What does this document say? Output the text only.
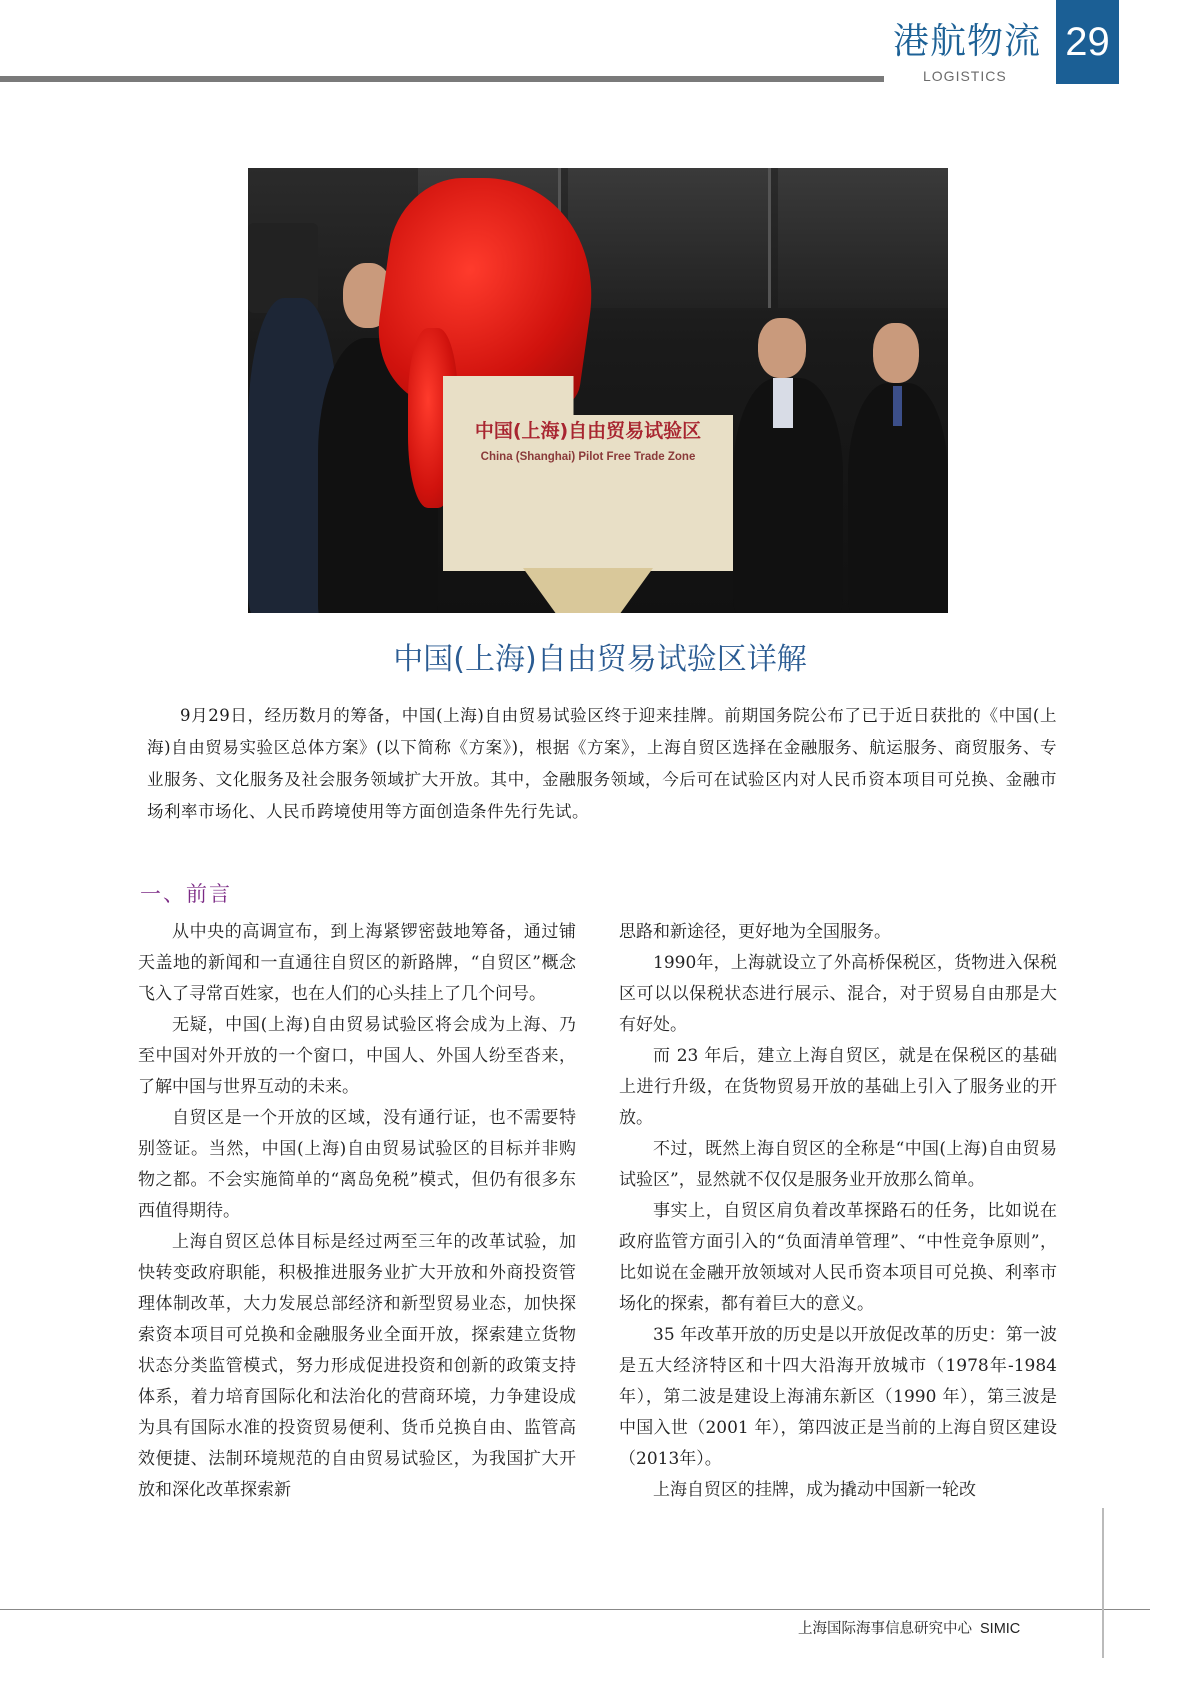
港航物流
LOGISTICS
29
中国(上海)自由贸易试验区
China (Shanghai) Pilot Free Trade Zone
中国(上海)自由贸易试验区详解

9月29日，经历数月的筹备，中国(上海)自由贸易试验区终于迎来挂牌。前期国务院公布了已于近日获批的《中国(上海)自由贸易实验区总体方案》(以下简称《方案》)，根据《方案》，上海自贸区选择在金融服务、航运服务、商贸服务、专业服务、文化服务及社会服务领域扩大开放。其中，金融服务领域，今后可在试验区内对人民币资本项目可兑换、金融市场利率市场化、人民币跨境使用等方面创造条件先行先试。

一、前言

从中央的高调宣布，到上海紧锣密鼓地筹备，通过铺天盖地的新闻和一直通往自贸区的新路牌，“自贸区”概念飞入了寻常百姓家，也在人们的心头挂上了几个问号。

无疑，中国(上海)自由贸易试验区将会成为上海、乃至中国对外开放的一个窗口，中国人、外国人纷至沓来，了解中国与世界互动的未来。

自贸区是一个开放的区域，没有通行证，也不需要特别签证。当然，中国(上海)自由贸易试验区的目标并非购物之都。不会实施简单的“离岛免税”模式，但仍有很多东西值得期待。

上海自贸区总体目标是经过两至三年的改革试验，加快转变政府职能，积极推进服务业扩大开放和外商投资管理体制改革，大力发展总部经济和新型贸易业态，加快探索资本项目可兑换和金融服务业全面开放，探索建立货物状态分类监管模式，努力形成促进投资和创新的政策支持体系，着力培育国际化和法治化的营商环境，力争建设成为具有国际水准的投资贸易便利、货币兑换自由、监管高效便捷、法制环境规范的自由贸易试验区，为我国扩大开放和深化改革探索新

思路和新途径，更好地为全国服务。

1990年，上海就设立了外高桥保税区，货物进入保税区可以以保税状态进行展示、混合，对于贸易自由那是大有好处。

而 23 年后，建立上海自贸区，就是在保税区的基础上进行升级，在货物贸易开放的基础上引入了服务业的开放。

不过，既然上海自贸区的全称是“中国(上海)自由贸易试验区”，显然就不仅仅是服务业开放那么简单。

事实上，自贸区肩负着改革探路石的任务，比如说在政府监管方面引入的“负面清单管理”、“中性竞争原则”，比如说在金融开放领域对人民币资本项目可兑换、利率市场化的探索，都有着巨大的意义。

35 年改革开放的历史是以开放促改革的历史：第一波是五大经济特区和十四大沿海开放城市（1978年-1984年），第二波是建设上海浦东新区（1990 年），第三波是中国入世（2001 年），第四波正是当前的上海自贸区建设（2013年）。

上海自贸区的挂牌，成为撬动中国新一轮改

上海国际海事信息研究中心 SIMIC
